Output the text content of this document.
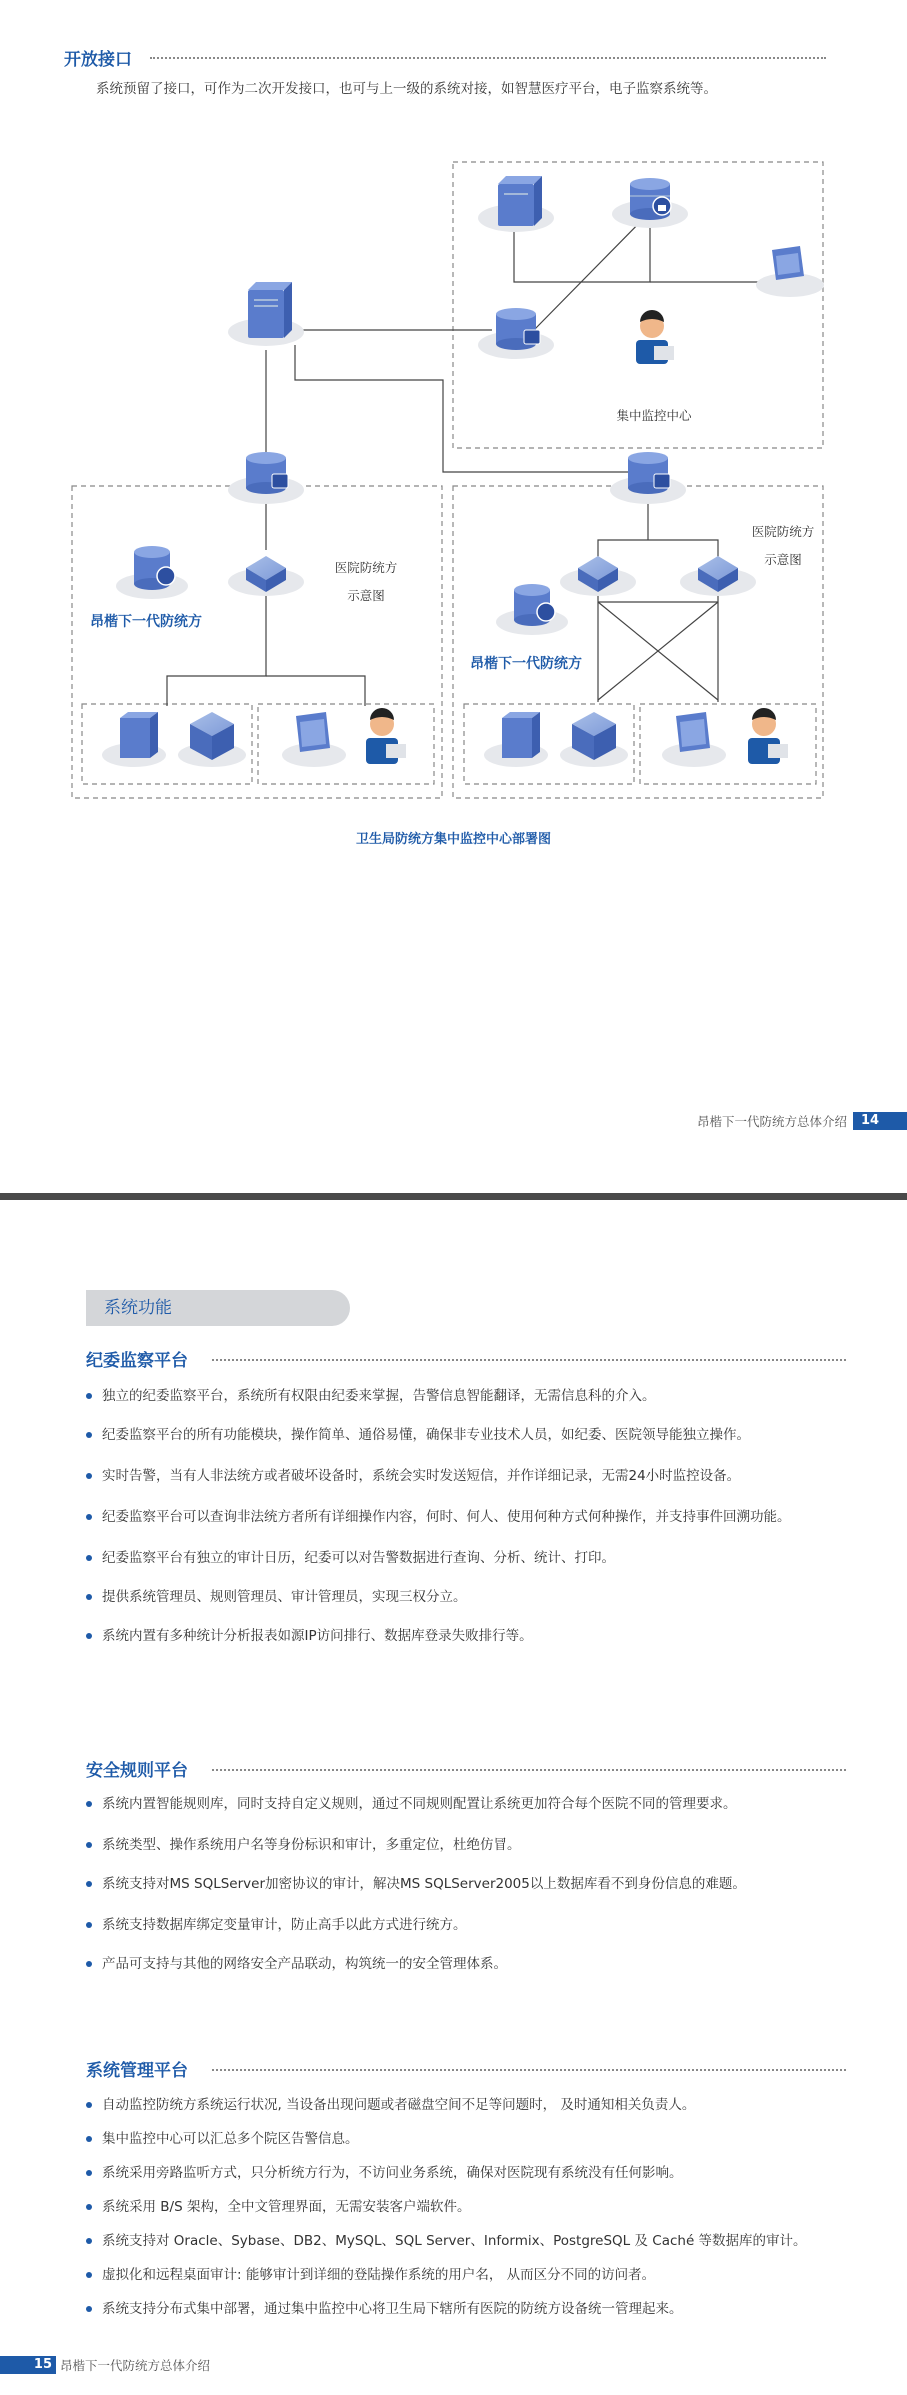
开放接口
系统预留了接口，可作为二次开发接口，也可与上一级的系统对接，如智慧医疗平台，电子监察系统等。
集中监控中心
医院防统方
示意图
医院防统方
示意图
昂楷下一代防统方
昂楷下一代防统方
卫生局防统方集中监控中心部署图
昂楷下一代防统方总体介绍	14
系统功能
纪委监察平台
独立的纪委监察平台，系统所有权限由纪委来掌握，告警信息智能翻译，无需信息科的介入。
纪委监察平台的所有功能模块，操作简单、通俗易懂，确保非专业技术人员，如纪委、医院领导能独立操作。
实时告警，当有人非法统方或者破坏设备时，系统会实时发送短信，并作详细记录，无需24小时监控设备。
纪委监察平台可以查询非法统方者所有详细操作内容，何时、何人、使用何种方式何种操作，并支持事件回溯功能。
纪委监察平台有独立的审计日历，纪委可以对告警数据进行查询、分析、统计、打印。
提供系统管理员、规则管理员、审计管理员，实现三权分立。
系统内置有多种统计分析报表如源IP访问排行、数据库登录失败排行等。
安全规则平台
系统内置智能规则库，同时支持自定义规则，通过不同规则配置让系统更加符合每个医院不同的管理要求。
系统类型、操作系统用户名等身份标识和审计，多重定位，杜绝仿冒。
系统支持对MS SQLServer加密协议的审计，解决MS SQLServer2005以上数据库看不到身份信息的难题。
系统支持数据库绑定变量审计，防止高手以此方式进行统方。
产品可支持与其他的网络安全产品联动，构筑统一的安全管理体系。
系统管理平台
自动监控防统方系统运行状况, 当设备出现问题或者磁盘空间不足等问题时， 及时通知相关负责人。
集中监控中心可以汇总多个院区告警信息。
系统采用旁路监听方式，只分析统方行为，不访问业务系统，确保对医院现有系统没有任何影响。
系统采用 B/S 架构，全中文管理界面，无需安装客户端软件。
系统支持对 Oracle、Sybase、DB2、MySQL、SQL Server、Informix、PostgreSQL 及 Caché 等数据库的审计。
虚拟化和远程桌面审计: 能够审计到详细的登陆操作系统的用户名， 从而区分不同的访问者。
系统支持分布式集中部署，通过集中监控中心将卫生局下辖所有医院的防统方设备统一管理起来。
15 昂楷下一代防统方总体介绍
